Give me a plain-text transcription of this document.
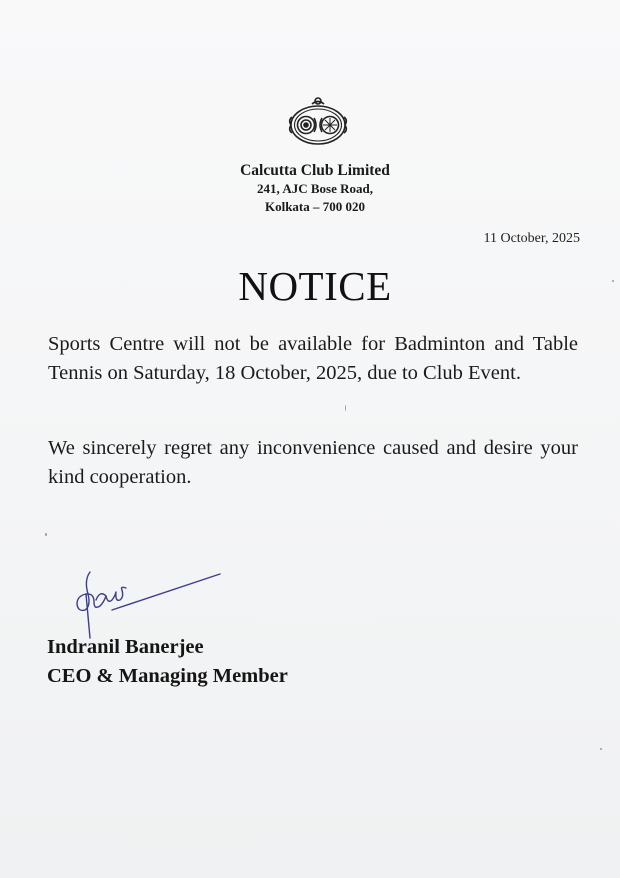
Calcutta Club Limited
241, AJC Bose Road,
Kolkata – 700 020
11 October, 2025
NOTICE

Sports Centre will not be available for Badminton and Table Tennis on Saturday, 18 October, 2025, due to Club Event.

We sincerely regret any inconvenience caused and desire your kind cooperation.

Indranil Banerjee
CEO & Managing Member
